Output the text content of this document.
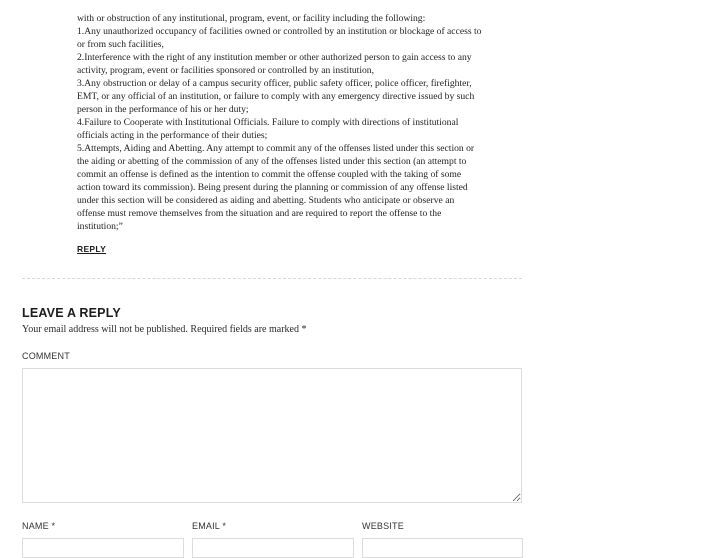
with or obstruction of any institutional, program, event, or facility including the following:

1.Any unauthorized occupancy of facilities owned or controlled by an institution or blockage of access to

or from such facilities,

2.Interference with the right of any institution member or other authorized person to gain access to any

activity, program, event or facilities sponsored or controlled by an institution,

3.Any obstruction or delay of a campus security officer, public safety officer, police officer, firefighter,

EMT, or any official of an institution, or failure to comply with any emergency directive issued by such

person in the performance of his or her duty;

4.Failure to Cooperate with Institutional Officials. Failure to comply with directions of institutional

officials acting in the performance of their duties;

5.Attempts, Aiding and Abetting. Any attempt to commit any of the offenses listed under this section or

the aiding or abetting of the commission of any of the offenses listed under this section (an attempt to

commit an offense is defined as the intention to commit the offense coupled with the taking of some

action toward its commission). Being present during the planning or commission of any offense listed

under this section will be considered as aiding and abetting. Students who anticipate or observe an

offense must remove themselves from the situation and are required to report the offense to the

institution;”

REPLY
LEAVE A REPLY

Your email address will not be published. Required fields are marked *

COMMENT
NAME *	EMAIL *	WEBSITE
